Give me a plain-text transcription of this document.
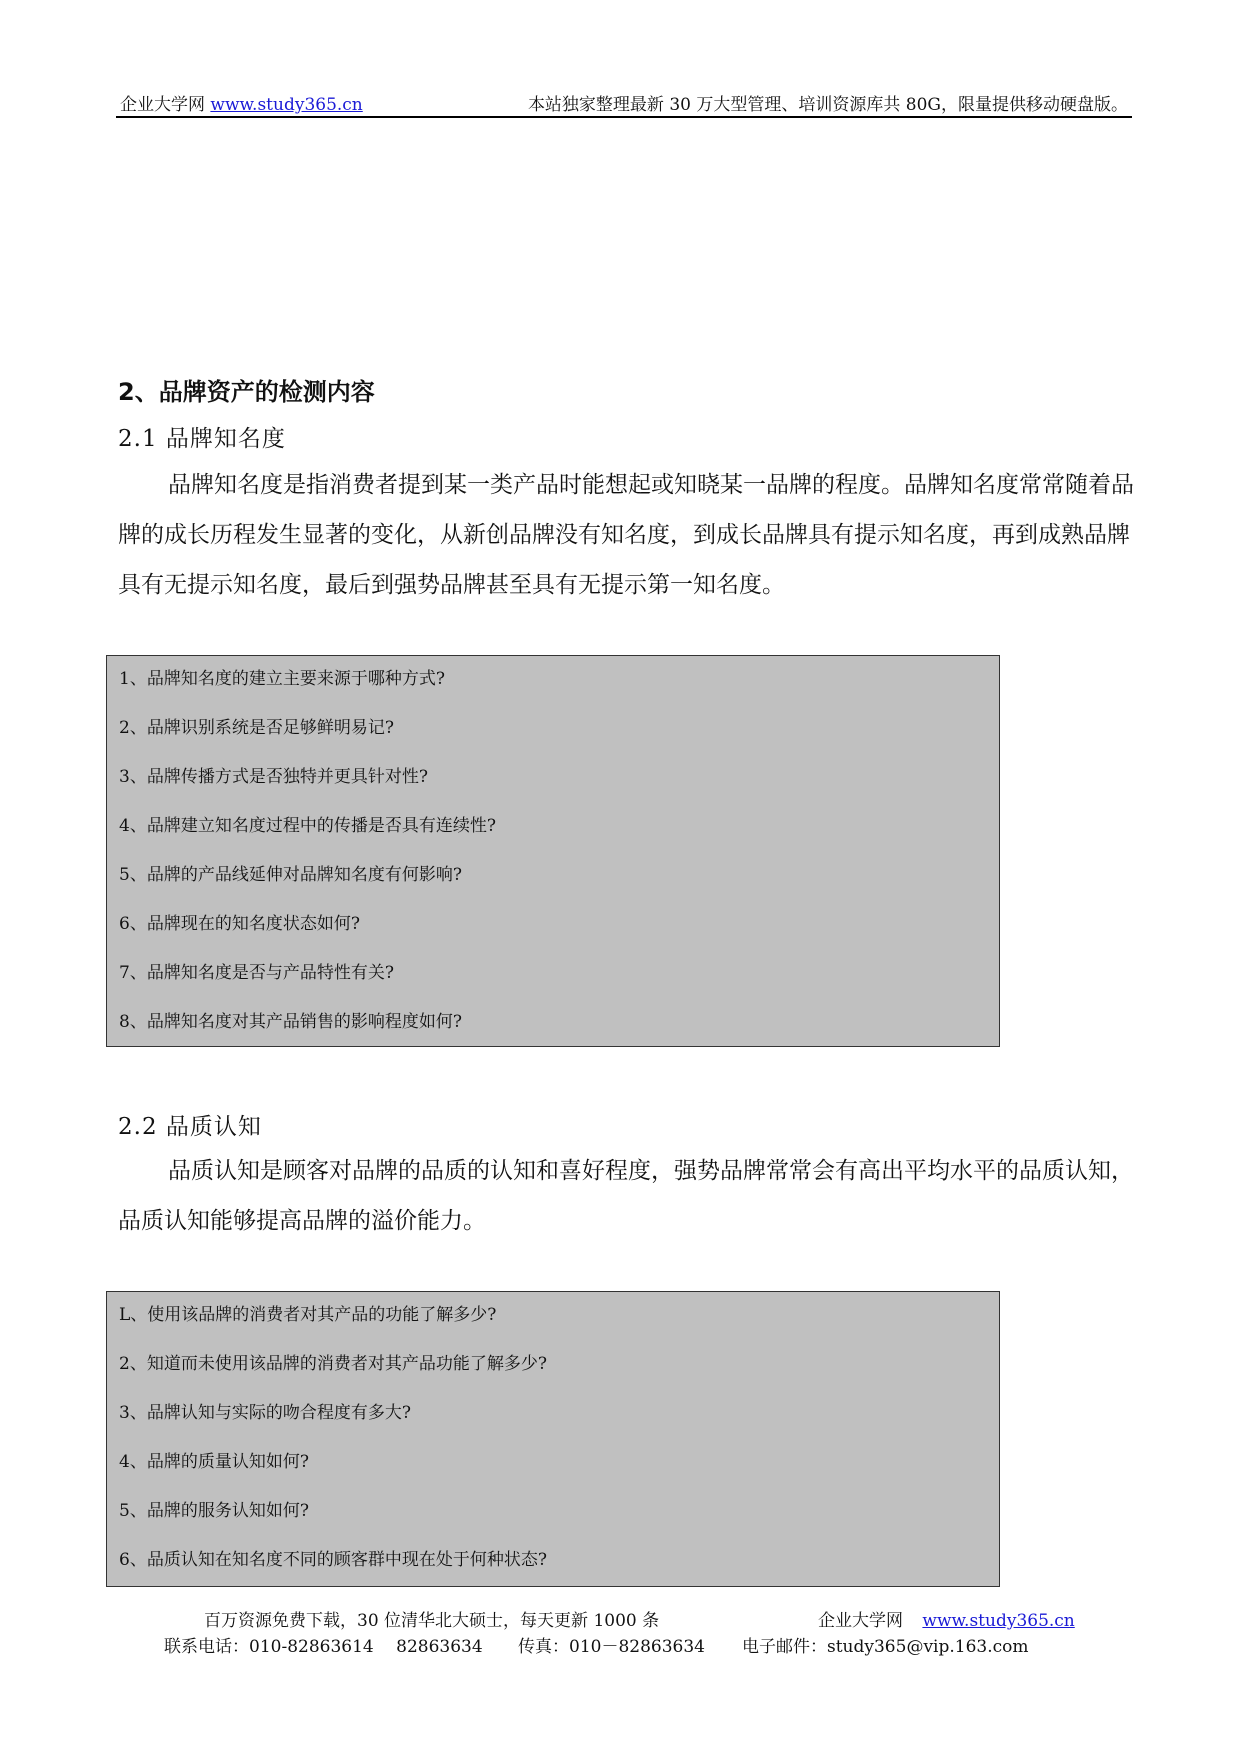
企业大学网 www.study365.cn	本站独家整理最新 30 万大型管理、培训资源库共 80G，限量提供移动硬盘版。
2、品牌资产的检测内容
2.1 品牌知名度

品牌知名度是指消费者提到某一类产品时能想起或知晓某一品牌的程度。品牌知名度常常随着品牌的成长历程发生显著的变化，从新创品牌没有知名度，到成长品牌具有提示知名度，再到成熟品牌具有无提示知名度，最后到强势品牌甚至具有无提示第一知名度。

1、品牌知名度的建立主要来源于哪种方式?
2、品牌识别系统是否足够鲜明易记?
3、品牌传播方式是否独特并更具针对性?
4、品牌建立知名度过程中的传播是否具有连续性?
5、品牌的产品线延伸对品牌知名度有何影响?
6、品牌现在的知名度状态如何?
7、品牌知名度是否与产品特性有关?
8、品牌知名度对其产品销售的影响程度如何?
2.2 品质认知

品质认知是顾客对品牌的品质的认知和喜好程度，强势品牌常常会有高出平均水平的品质认知，品质认知能够提高品牌的溢价能力。

L、使用该品牌的消费者对其产品的功能了解多少?
2、知道而未使用该品牌的消费者对其产品功能了解多少?
3、品牌认知与实际的吻合程度有多大?
4、品牌的质量认知如何?
5、品牌的服务认知如何?
6、品质认知在知名度不同的顾客群中现在处于何种状态?
百万资源免费下载，30 位清华北大硕士，每天更新 1000 条	企业大学网 www.study365.cn
联系电话：010-82863614　 82863634 传真：010－82863634 电子邮件：study365@vip.163.com
